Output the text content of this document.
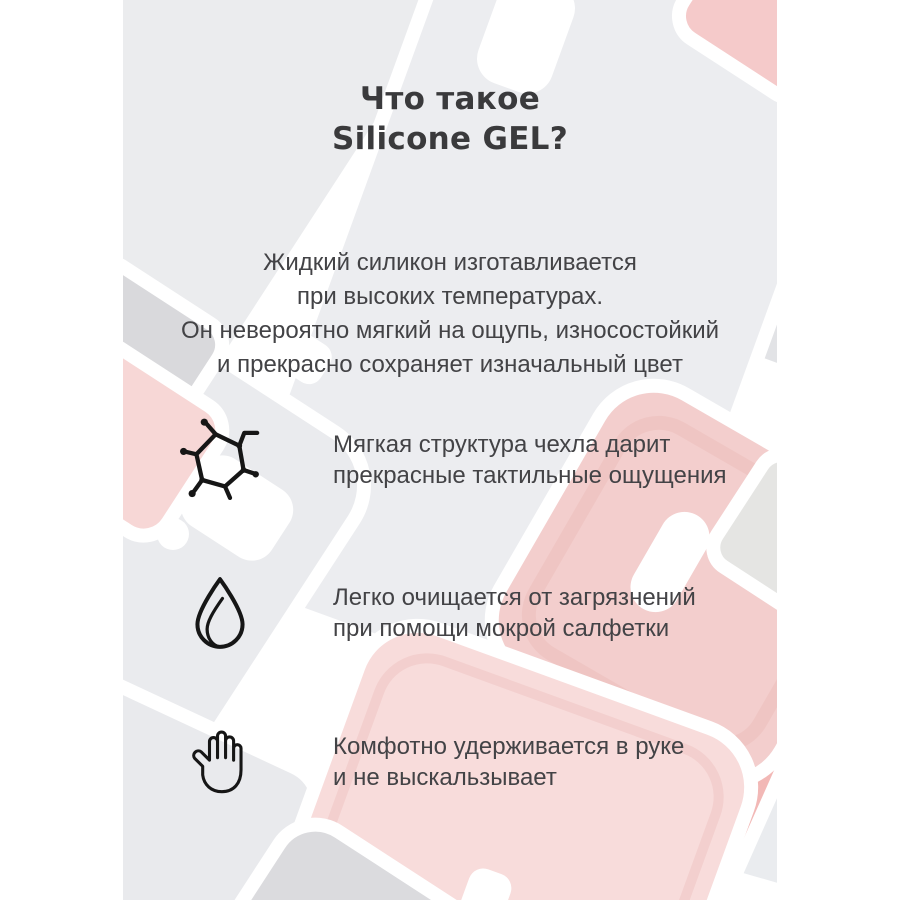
Что такое
Silicone GEL?

Жидкий силикон изготавливается
при высоких температурах.
Он невероятно мягкий на ощупь, износостойкий
и прекрасно сохраняет изначальный цвет

Мягкая структура чехла дарит
прекрасные тактильные ощущения
Легко очищается от загрязнений
при помощи мокрой салфетки
Комфотно удерживается в руке
и не выскальзывает
